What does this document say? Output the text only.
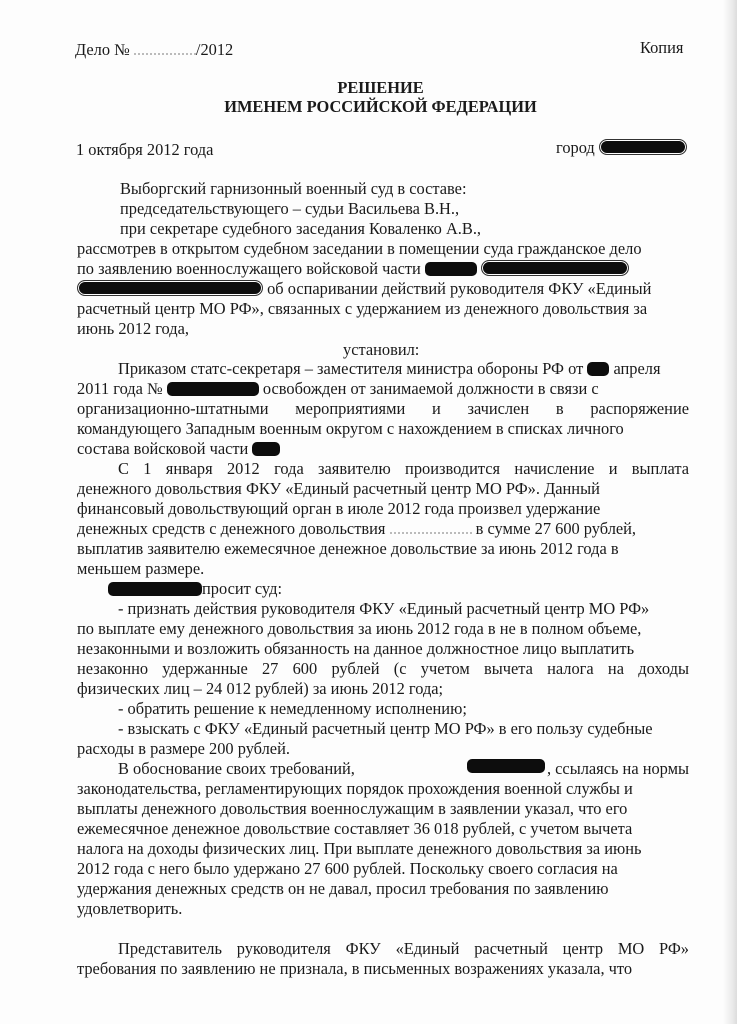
Дело №	/2012	Копия
РЕШЕНИЕ
ИМЕНЕМ РОССИЙСКОЙ ФЕДЕРАЦИИ
1 октября 2012 года	город
Выборгский гарнизонный военный суд в составе:
председательствующего – судьи Васильева В.Н.,
при секретаре судебного заседания Коваленко А.В.,
рассмотрев в открытом судебном заседании в помещении суда гражданское дело
по заявлению военнослужащего войсковой части
об оспаривании действий руководителя ФКУ «Единый
расчетный центр МО РФ», связанных с удержанием из денежного довольствия за
июнь 2012 года,
установил:
Приказом статс-секретаря – заместителя министра обороны РФ от апреля
2011 года №	освобожден от занимаемой должности в связи с
организационно-штатными мероприятиями и зачислен в распоряжение
командующего Западным военным округом с нахождением в списках личного
состава войсковой части
С 1 января 2012 года заявителю производится начисление и выплата
денежного довольствия ФКУ «Единый расчетный центр МО РФ». Данный
финансовый довольствующий орган в июле 2012 года произвел удержание
денежных средств с денежного довольствия	в сумме 27 600 рублей,
выплатив заявителю ежемесячное денежное довольствие за июнь 2012 года в
меньшем размере.
просит суд:
- признать действия руководителя ФКУ «Единый расчетный центр МО РФ»
по выплате ему денежного довольствия за июнь 2012 года в не в полном объеме,
незаконными и возложить обязанность на данное должностное лицо выплатить
незаконно удержанные 27 600 рублей (с учетом вычета налога на доходы
физических лиц – 24 012 рублей) за июнь 2012 года;
- обратить решение к немедленному исполнению;
- взыскать с ФКУ «Единый расчетный центр МО РФ» в его пользу судебные
расходы в размере 200 рублей.
В обоснование своих требований,	, ссылаясь на нормы
законодательства, регламентирующих порядок прохождения военной службы и
выплаты денежного довольствия военнослужащим в заявлении указал, что его
ежемесячное денежное довольствие составляет 36 018 рублей, с учетом вычета
налога на доходы физических лиц. При выплате денежного довольствия за июнь
2012 года с него было удержано 27 600 рублей. Поскольку своего согласия на
удержания денежных средств он не давал, просил требования по заявлению
удовлетворить.
Представитель руководителя ФКУ «Единый расчетный центр МО РФ»
требования по заявлению не признала, в письменных возражениях указала, что
